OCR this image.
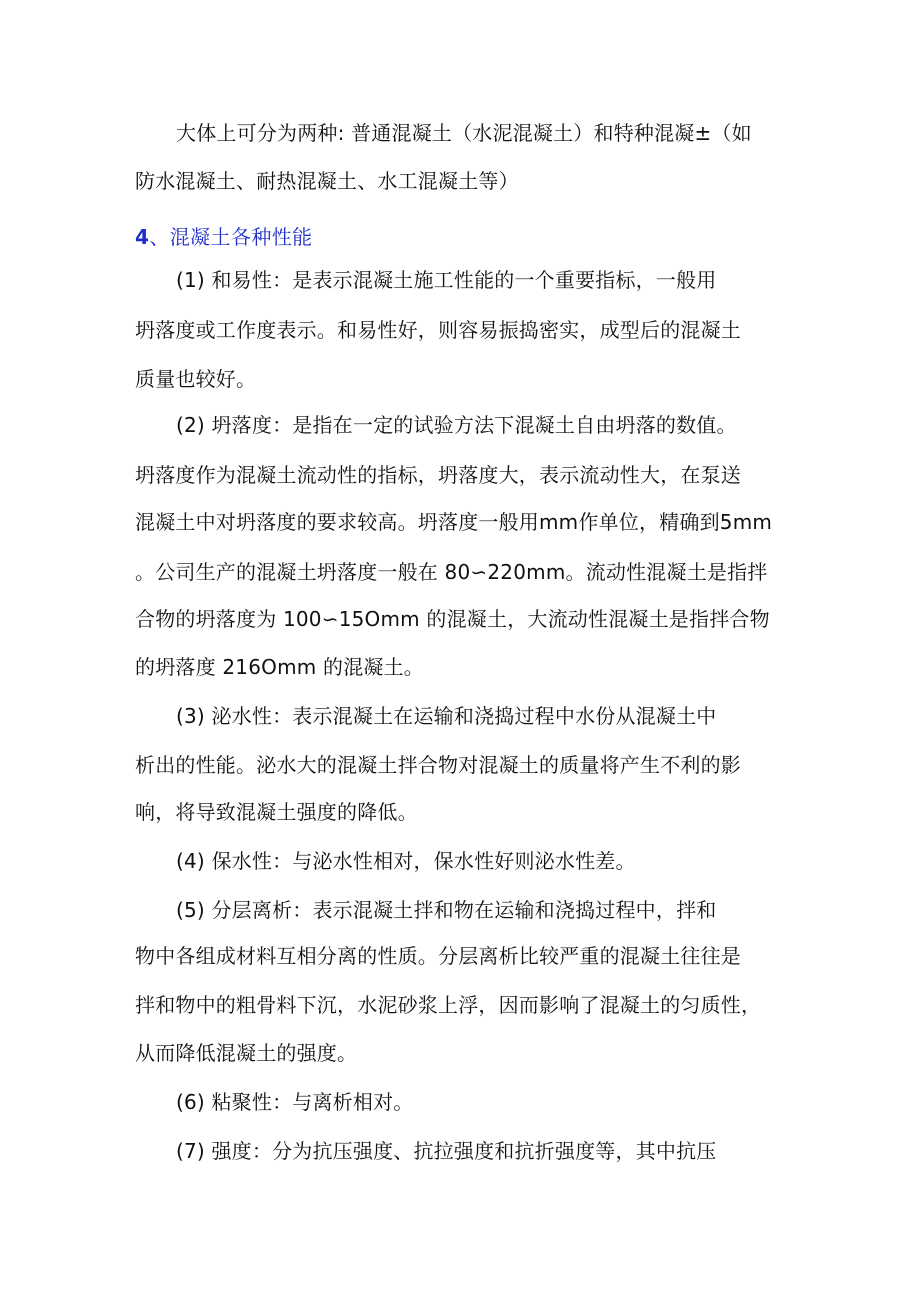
大体上可分为两种: 普通混凝土（水泥混凝土）和特种混凝±（如
防水混凝土、耐热混凝土、水工混凝土等）
4、混凝土各种性能
(1) 和易性：是表示混凝土施工性能的一个重要指标，一般用
坍落度或工作度表示。和易性好，则容易振捣密实，成型后的混凝土
质量也较好。
(2) 坍落度：是指在一定的试验方法下混凝土自由坍落的数值。
坍落度作为混凝土流动性的指标，坍落度大，表示流动性大，在泵送
混凝土中对坍落度的要求较高。坍落度一般用mm作单位，精确到5mm
。公司生产的混凝土坍落度一般在 80∽220mm。流动性混凝土是指拌
合物的坍落度为 100∽15Omm 的混凝土，大流动性混凝土是指拌合物
的坍落度 216Omm 的混凝土。
(3) 泌水性：表示混凝土在运输和浇捣过程中水份从混凝土中
析出的性能。泌水大的混凝土拌合物对混凝土的质量将产生不利的影
响，将导致混凝土强度的降低。
(4) 保水性：与泌水性相对，保水性好则泌水性差。
(5) 分层离析：表示混凝土拌和物在运输和浇捣过程中，拌和
物中各组成材料互相分离的性质。分层离析比较严重的混凝土往往是
拌和物中的粗骨料下沉，水泥砂浆上浮，因而影响了混凝土的匀质性，
从而降低混凝土的强度。
(6) 粘聚性：与离析相对。
(7) 强度：分为抗压强度、抗拉强度和抗折强度等，其中抗压
